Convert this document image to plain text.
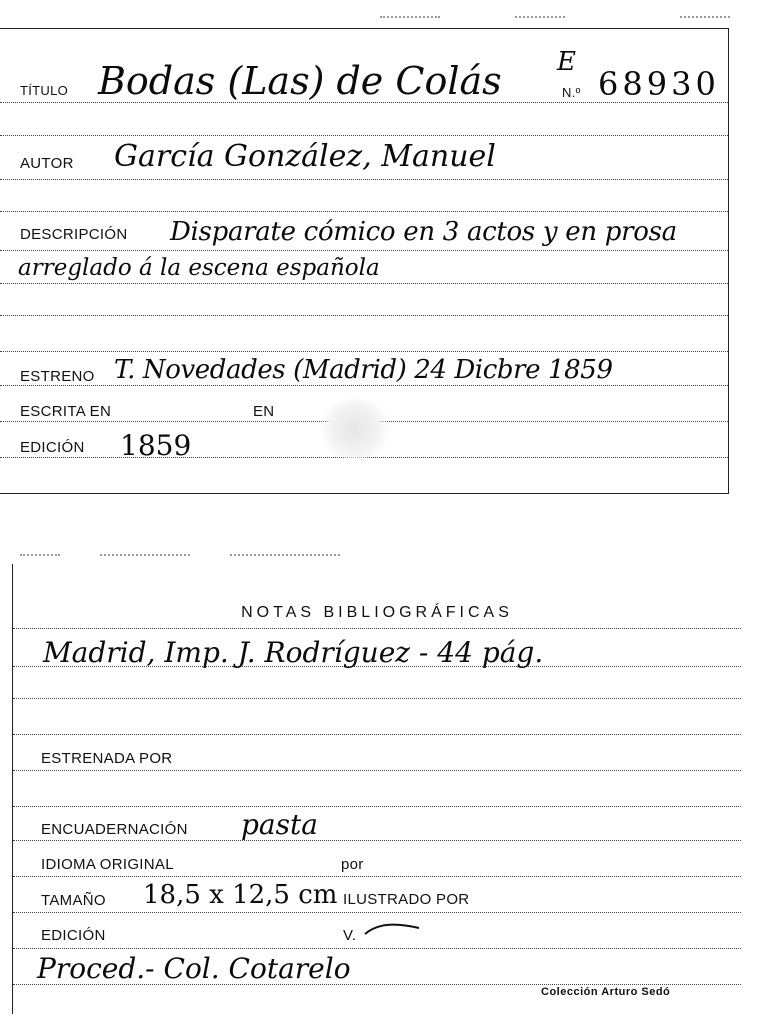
TÍTULO Bodas (Las) de Colás E
N.º 68930
AUTOR García González, Manuel
DESCRIPCIÓN Disparate cómico en 3 actos y en prosa
arreglado á la escena española
ESTRENO T. Novedades (Madrid) 24 Dicbre 1859
ESCRITA EN	EN
EDICIÓN 1859
NOTAS BIBLIOGRÁFICAS
Madrid, Imp. J. Rodríguez - 44 pág.
ESTRENADA POR
ENCUADERNACIÓN pasta
IDIOMA ORIGINAL	por
TAMAÑO 18,5 x 12,5 cm ILUSTRADO POR
EDICIÓN	V.
Proced.- Col. Cotarelo
Colección Arturo Sedó
